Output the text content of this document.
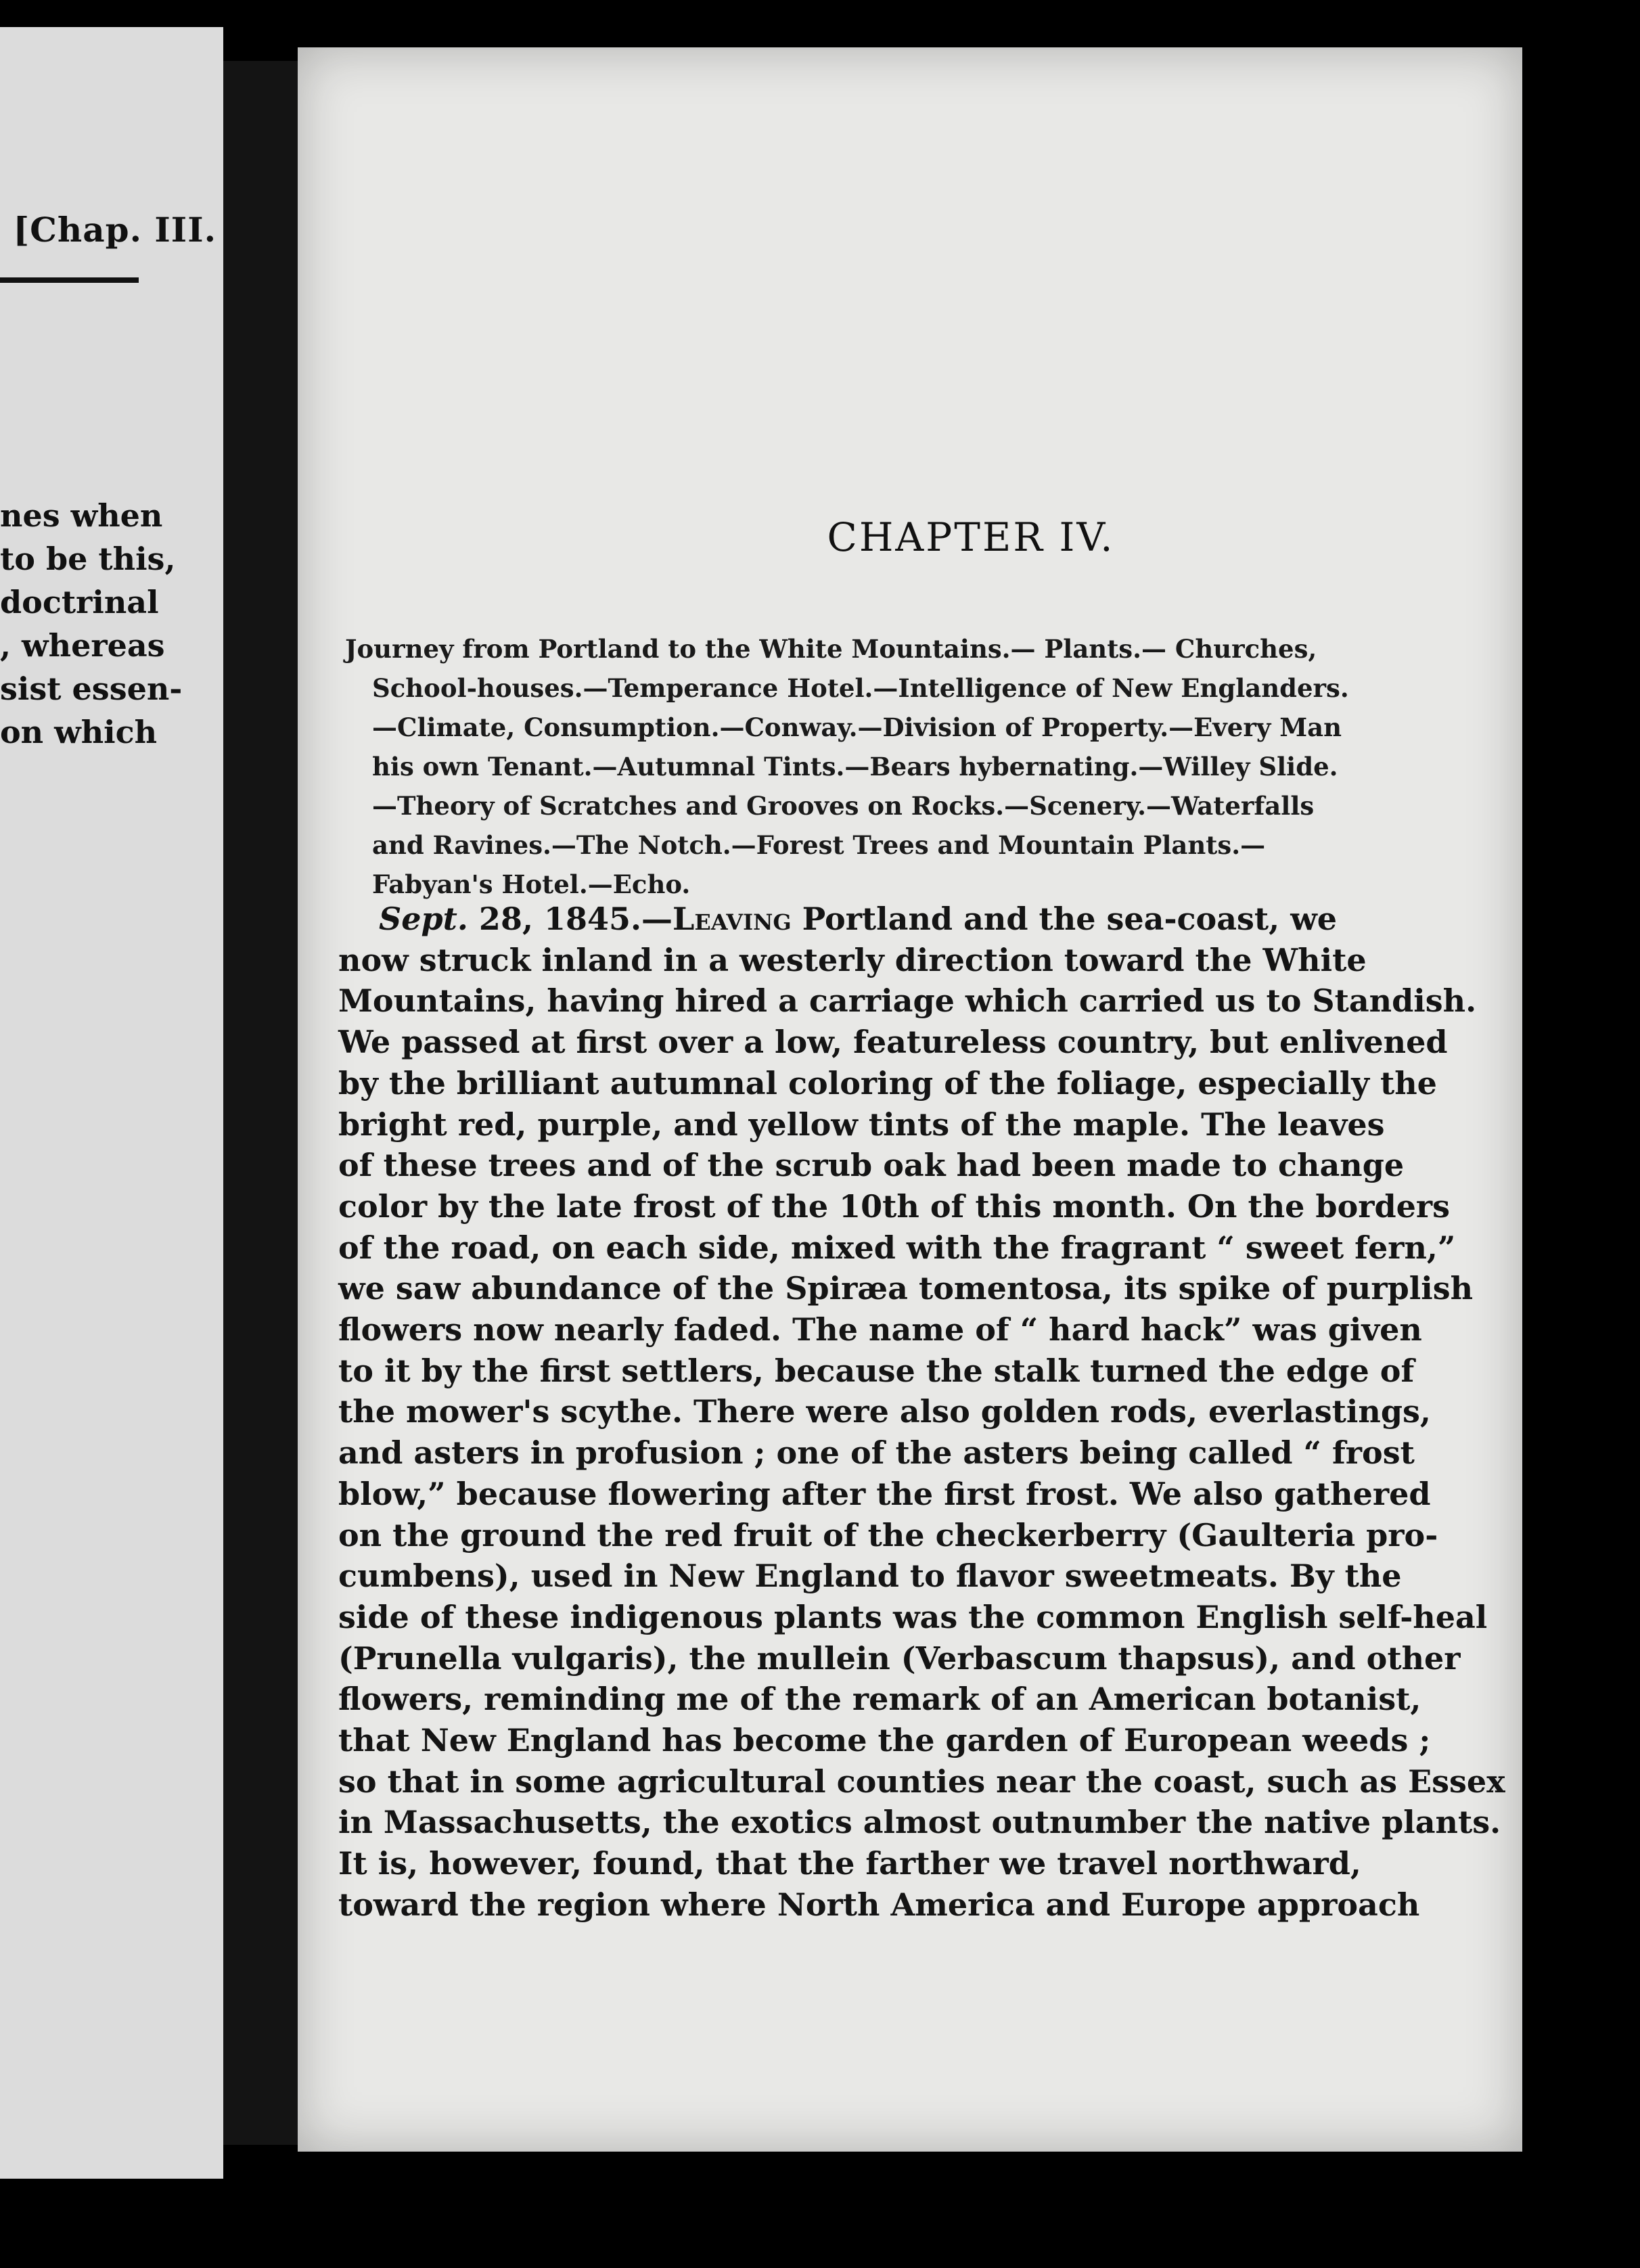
[Chap. III.
nes when
to be this,
doctrinal
, whereas
sist essen-
on which
CHAPTER IV.
Journey from Portland to the White Mountains.— Plants.— Churches,
School-houses.—Temperance Hotel.—Intelligence of New Englanders.
—Climate, Consumption.—Conway.—Division of Property.—Every Man
his own Tenant.—Autumnal Tints.—Bears hybernating.—Willey Slide.
—Theory of Scratches and Grooves on Rocks.—Scenery.—Waterfalls
and Ravines.—The Notch.—Forest Trees and Mountain Plants.—
Fabyan's Hotel.—Echo.
Sept. 28, 1845.—Leaving Portland and the sea-coast, we
now struck inland in a westerly direction toward the White
Mountains, having hired a carriage which carried us to Standish.
We passed at first over a low, featureless country, but enlivened
by the brilliant autumnal coloring of the foliage, especially the
bright red, purple, and yellow tints of the maple. The leaves
of these trees and of the scrub oak had been made to change
color by the late frost of the 10th of this month. On the borders
of the road, on each side, mixed with the fragrant “ sweet fern,”
we saw abundance of the Spiræa tomentosa, its spike of purplish
flowers now nearly faded. The name of “ hard hack” was given
to it by the first settlers, because the stalk turned the edge of
the mower's scythe. There were also golden rods, everlastings,
and asters in profusion ; one of the asters being called “ frost
blow,” because flowering after the first frost. We also gathered
on the ground the red fruit of the checkerberry (Gaulteria pro-
cumbens), used in New England to flavor sweetmeats. By the
side of these indigenous plants was the common English self-heal
(Prunella vulgaris), the mullein (Verbascum thapsus), and other
flowers, reminding me of the remark of an American botanist,
that New England has become the garden of European weeds ;
so that in some agricultural counties near the coast, such as Essex
in Massachusetts, the exotics almost outnumber the native plants.
It is, however, found, that the farther we travel northward,
toward the region where North America and Europe approach
